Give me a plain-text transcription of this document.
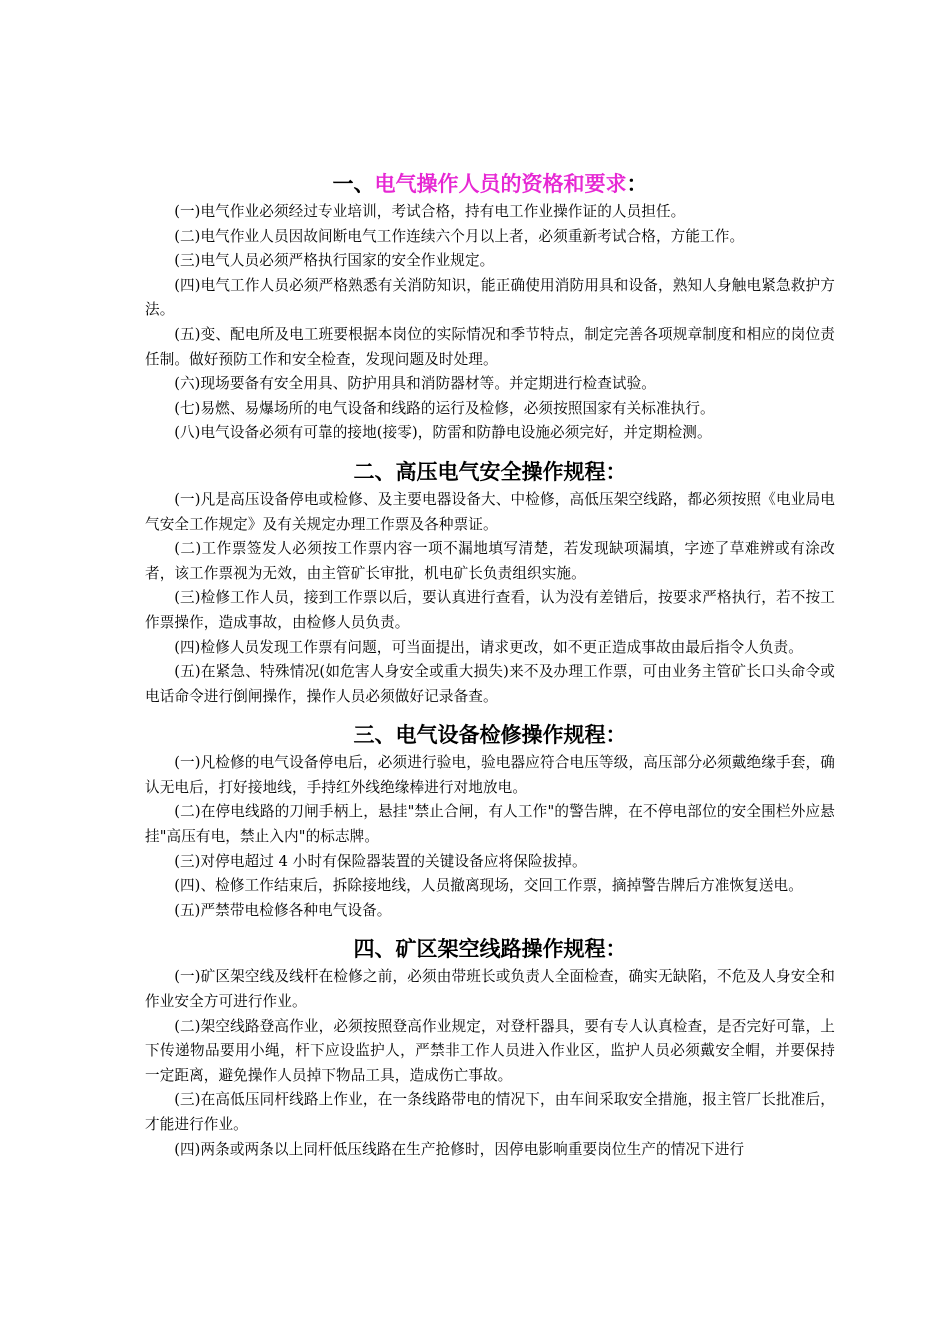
一、电气操作人员的资格和要求：

(一)电气作业必须经过专业培训，考试合格，持有电工作业操作证的人员担任。

(二)电气作业人员因故间断电气工作连续六个月以上者，必须重新考试合格，方能工作。

(三)电气人员必须严格执行国家的安全作业规定。

(四)电气工作人员必须严格熟悉有关消防知识，能正确使用消防用具和设备，熟知人身触电紧急救护方法。

(五)变、配电所及电工班要根据本岗位的实际情况和季节特点，制定完善各项规章制度和相应的岗位责任制。做好预防工作和安全检查，发现问题及时处理。

(六)现场要备有安全用具、防护用具和消防器材等。并定期进行检查试验。

(七)易燃、易爆场所的电气设备和线路的运行及检修，必须按照国家有关标准执行。

(八)电气设备必须有可靠的接地(接零)，防雷和防静电设施必须完好，并定期检测。

二、高压电气安全操作规程：

(一)凡是高压设备停电或检修、及主要电器设备大、中检修，高低压架空线路，都必须按照《电业局电气安全工作规定》及有关规定办理工作票及各种票证。

(二)工作票签发人必须按工作票内容一项不漏地填写清楚，若发现缺项漏填，字迹了草难辨或有涂改者，该工作票视为无效，由主管矿长审批，机电矿长负责组织实施。

(三)检修工作人员，接到工作票以后，要认真进行查看，认为没有差错后，按要求严格执行，若不按工作票操作，造成事故，由检修人员负责。

(四)检修人员发现工作票有问题，可当面提出，请求更改，如不更正造成事故由最后指令人负责。

(五)在紧急、特殊情况(如危害人身安全或重大损失)来不及办理工作票，可由业务主管矿长口头命令或电话命令进行倒闸操作，操作人员必须做好记录备查。

三、电气设备检修操作规程：

(一)凡检修的电气设备停电后，必须进行验电，验电器应符合电压等级，高压部分必须戴绝缘手套，确认无电后，打好接地线，手持红外线绝缘棒进行对地放电。

(二)在停电线路的刀闸手柄上，悬挂"禁止合闸，有人工作"的警告牌，在不停电部位的安全围栏外应悬挂"高压有电，禁止入内"的标志牌。

(三)对停电超过 4 小时有保险器装置的关键设备应将保险拔掉。

(四)、检修工作结束后，拆除接地线，人员撤离现场，交回工作票，摘掉警告牌后方准恢复送电。

(五)严禁带电检修各种电气设备。

四、矿区架空线路操作规程：

(一)矿区架空线及线杆在检修之前，必须由带班长或负责人全面检查，确实无缺陷，不危及人身安全和作业安全方可进行作业。

(二)架空线路登高作业，必须按照登高作业规定，对登杆器具，要有专人认真检查，是否完好可靠，上下传递物品要用小绳，杆下应设监护人，严禁非工作人员进入作业区，监护人员必须戴安全帽，并要保持一定距离，避免操作人员掉下物品工具，造成伤亡事故。

(三)在高低压同杆线路上作业，在一条线路带电的情况下，由车间采取安全措施，报主管厂长批准后，才能进行作业。

(四)两条或两条以上同杆低压线路在生产抢修时，因停电影响重要岗位生产的情况下进行
